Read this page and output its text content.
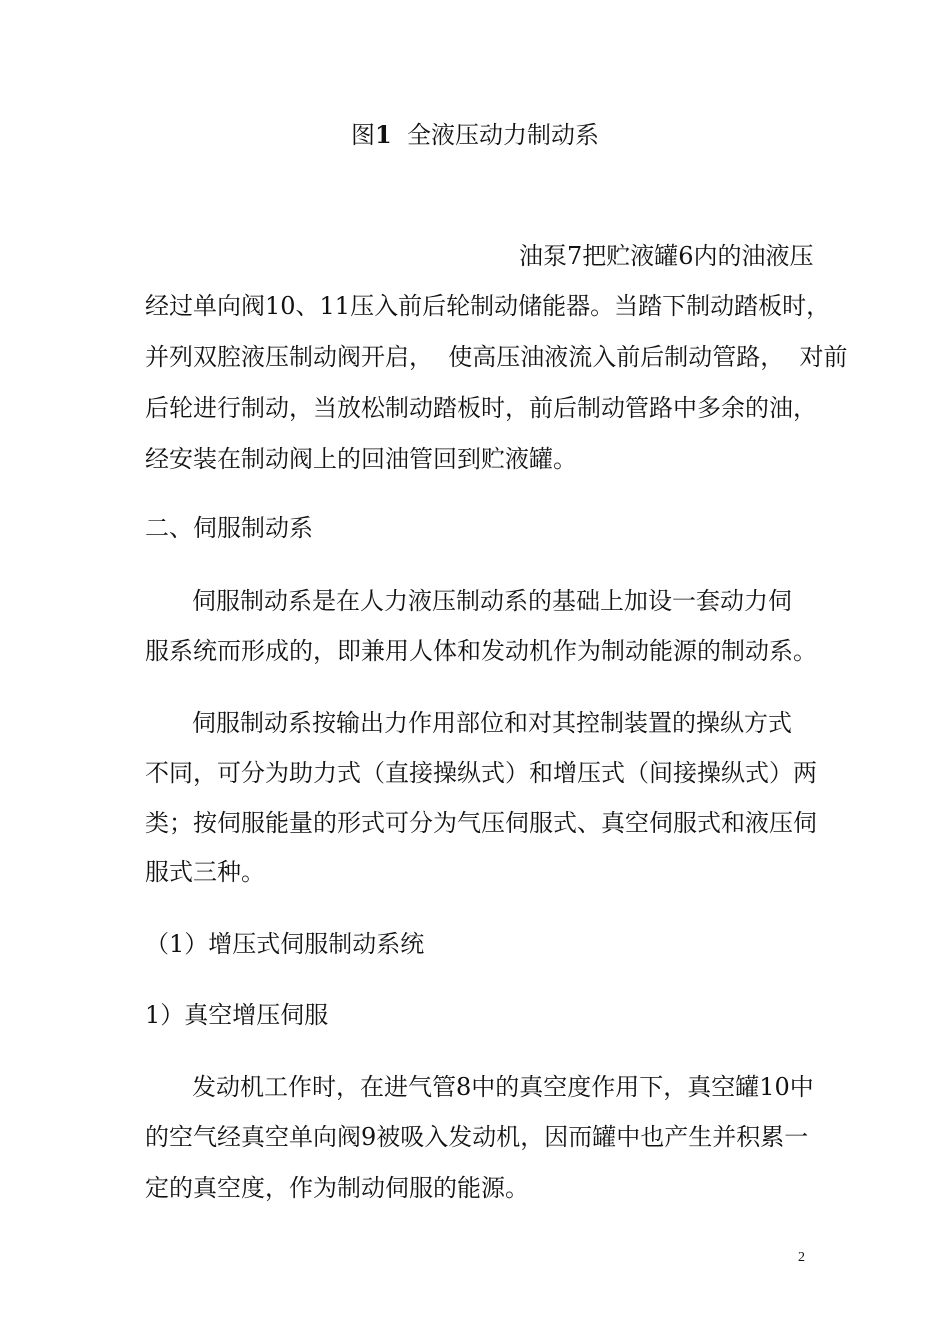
图1 全液压动力制动系

油泵7把贮液罐6内的油液压

经过单向阀10、11压入前后轮制动储能器。当踏下制动踏板时，

并列双腔液压制动阀开启，  使高压油液流入前后制动管路，  对前

后轮进行制动，当放松制动踏板时，前后制动管路中多余的油，

经安装在制动阀上的回油管回到贮液罐。

二、伺服制动系

伺服制动系是在人力液压制动系的基础上加设一套动力伺

服系统而形成的，即兼用人体和发动机作为制动能源的制动系。

伺服制动系按输出力作用部位和对其控制装置的操纵方式

不同，可分为助力式（直接操纵式）和增压式（间接操纵式）两

类；按伺服能量的形式可分为气压伺服式、真空伺服式和液压伺

服式三种。

（1）增压式伺服制动系统
1）真空增压伺服

发动机工作时，在进气管8中的真空度作用下，真空罐10中

的空气经真空单向阀9被吸入发动机，因而罐中也产生并积累一

定的真空度，作为制动伺服的能源。

2
